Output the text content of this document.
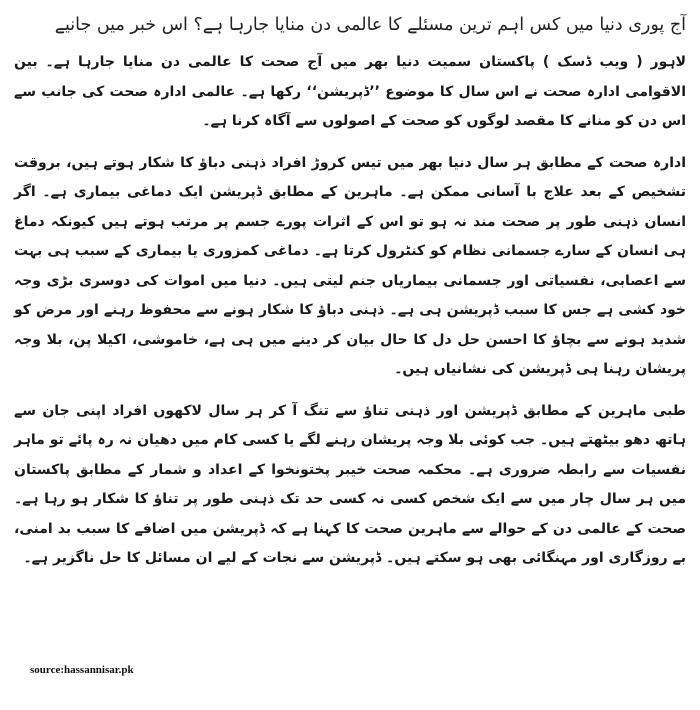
آج پوری دنیا میں کس اہم ترین مسئلے کا عالمی دن منایا جارہا ہے؟ اس خبر میں جانیے

لاہور ( ویب ڈسک ) پاکستان سمیت دنیا بھر میں آج صحت کا عالمی دن منایا جارہا ہے۔ بین الاقوامی ادارہ صحت نے اس سال کا موضوع ’’ڈپریشن‘‘ رکھا ہے۔ عالمی ادارہ صحت کی جانب سے اس دن کو منانے کا مقصد لوگوں کو صحت کے اصولوں سے آگاہ کرنا ہے۔

ادارہ صحت کے مطابق ہر سال دنیا بھر میں تیس کروڑ افراد ذہنی دباؤ کا شکار ہوتے ہیں، بروقت تشخیص کے بعد علاج با آسانی ممکن ہے۔ ماہرین کے مطابق ڈپریشن ایک دماغی بیماری ہے۔ اگر انسان ذہنی طور پر صحت مند نہ ہو تو اس کے اثرات پورے جسم پر مرتب ہوتے ہیں کیونکہ دماغ ہی انسان کے سارے جسمانی نظام کو کنٹرول کرتا ہے۔ دماغی کمزوری یا بیماری کے سبب ہی بہت سے اعصابی، نفسیاتی اور جسمانی بیماریاں جنم لیتی ہیں۔ دنیا میں اموات کی دوسری بڑی وجہ خود کشی ہے جس کا سبب ڈپریشن ہی ہے۔ ذہنی دباؤ کا شکار ہونے سے محفوظ رہنے اور مرض کو شدید ہونے سے بچاؤ کا احسن حل دل کا حال بیان کر دینے میں ہی ہے، خاموشی، اکیلا پن، بلا وجہ پریشان رہنا ہی ڈپریشن کی نشانیاں ہیں۔

طبی ماہرین کے مطابق ڈپریشن اور ذہنی تناؤ سے تنگ آ کر ہر سال لاکھوں افراد اپنی جان سے ہاتھ دھو بیٹھتے ہیں۔ جب کوئی بلا وجہ پریشان رہنے لگے یا کسی کام میں دھیان نہ رہ پائے تو ماہر نفسیات سے رابطہ ضروری ہے۔ محکمہ صحت خیبر پختونخوا کے اعداد و شمار کے مطابق پاکستان میں ہر سال چار میں سے ایک شخص کسی نہ کسی حد تک ذہنی طور پر تناؤ کا شکار ہو رہا ہے۔ صحت کے عالمی دن کے حوالے سے ماہرین صحت کا کہنا ہے کہ ڈپریشن میں اضافے کا سبب بد امنی، بے روزگاری اور مہنگائی بھی ہو سکتے ہیں۔ ڈپریشن سے نجات کے لیے ان مسائل کا حل ناگزیر ہے۔

source:hassannisar.pk
